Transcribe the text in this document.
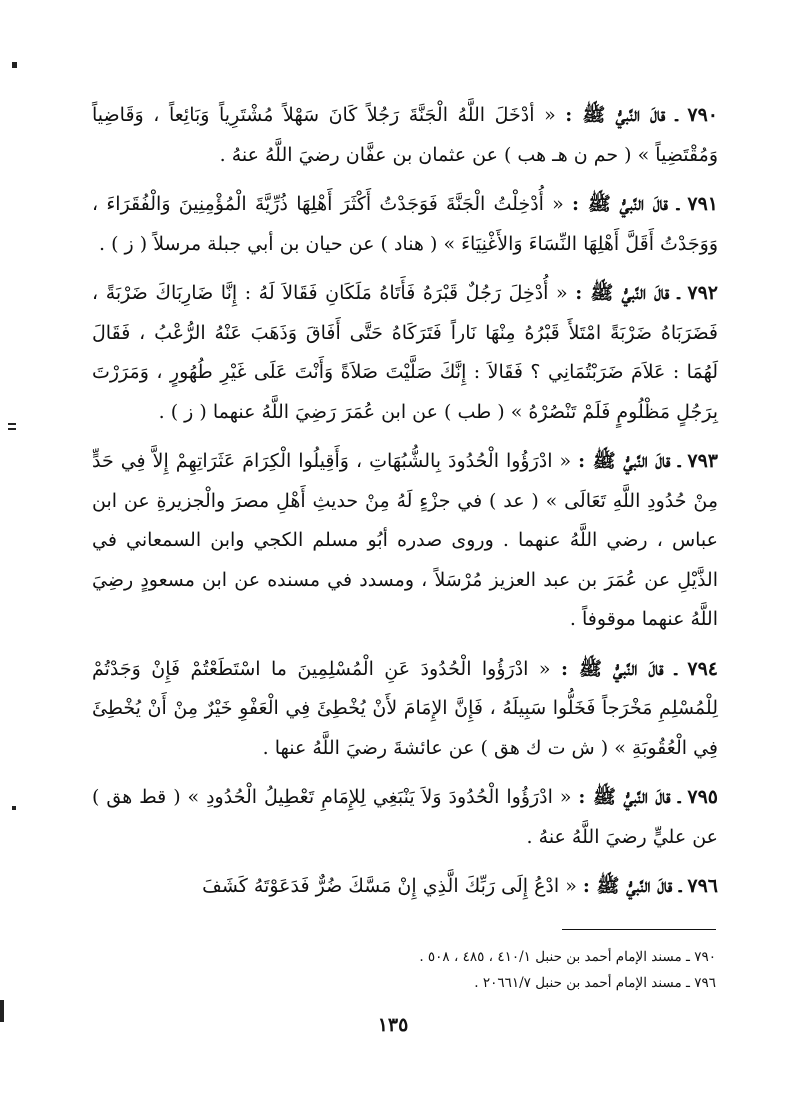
٧٩٠ ـ قالَ النَّبيُّ ﷺ : « أدْخَلَ اللَّهُ الْجَنَّةَ رَجُلاً كَانَ سَهْلاً مُشْتَرِياً وَبَائِعاً ، وَقَاضِياً وَمُقْتَضِياً » ( حم ن هـ هب ) عن عثمان بن عفَّان رضيَ اللَّهُ عنهُ .

٧٩١ ـ قالَ النَّبيُّ ﷺ : « أُدْخِلْتُ الْجَنَّةَ فَوَجَدْتُ أَكْثَرَ أَهْلِهَا ذُرِّيَّةَ الْمُؤْمِنِينَ وَالْفُقَرَاءَ ، وَوَجَدْتُ أَقَلَّ أَهْلِهَا النِّسَاءَ وَالأَغْنِيَاءَ » ( هناد ) عن حيان بن أبي جبلة مرسلاً ( ز ) .

٧٩٢ ـ قالَ النَّبيُّ ﷺ : « أُدْخِلَ رَجُلٌ قَبْرَهُ فَأَتَاهُ مَلَكَانِ فَقَالاَ لَهُ : إِنَّا ضَارِبَاكَ ضَرْبَةً ، فَضَرَبَاهُ ضَرْبَةً امْتَلأَ قَبْرُهُ مِنْهَا نَاراً فَتَرَكَاهُ حَتَّى أَفَاقَ وَذَهَبَ عَنْهُ الرُّعْبُ ، فَقَالَ لَهُمَا : عَلاَمَ ضَرَبْتُمَانِي ؟ فَقَالاَ : إِنَّكَ صَلَّيْتَ صَلاَةً وَأَنْتَ عَلَى غَيْرِ طُهُورٍ ، وَمَرَرْتَ بِرَجُلٍ مَظْلُومٍ فَلَمْ تَنْصُرْهُ » ( طب ) عن ابن عُمَرَ رَضِيَ اللَّهُ عنهما ( ز ) .

٧٩٣ ـ قالَ النَّبيُّ ﷺ : « ادْرَؤُوا الْحُدُودَ بِالشُّبُهَاتِ ، وَأَقِيلُوا الْكِرَامَ عَثَرَاتِهِمْ إِلاَّ فِي حَدٍّ مِنْ حُدُودِ اللَّهِ تَعَالَى » ( عد ) في جزْءٍ لَهُ مِنْ حديثِ أَهْلِ مصرَ والْجزيرةِ عن ابن عباس ، رضي اللَّهُ عنهما . وروى صدره أبُو مسلم الكجي وابن السمعاني في الذَّيْلِ عن عُمَرَ بن عبد العزيز مُرْسَلاً ، ومسدد في مسنده عن ابن مسعودٍ رضِيَ اللَّهُ عنهما موقوفاً .

٧٩٤ ـ قالَ النَّبيُّ ﷺ : « ادْرَؤُوا الْحُدُودَ عَنِ الْمُسْلِمِينَ ما اسْتَطَعْتُمْ فَإِنْ وَجَدْتُمْ لِلْمُسْلِمِ مَخْرَجاً فَخَلُّوا سَبِيلَهُ ، فَإِنَّ الإِمَامَ لأَنْ يُخْطِئَ فِي الْعَفْوِ خَيْرٌ مِنْ أَنْ يُخْطِئَ فِي الْعُقُوبَةِ » ( ش ت ك هق ) عن عائشةَ رضيَ اللَّهُ عنها .

٧٩٥ ـ قالَ النَّبيُّ ﷺ : « ادْرَؤُوا الْحُدُودَ وَلاَ يَنْبَغِي لِلإِمَامِ تَعْطِيلُ الْحُدُودِ » ( قط هق ) عن عليٍّ رضيَ اللَّهُ عنهُ .

٧٩٦ ـ قالَ النَّبيُّ ﷺ : « ادْعُ إِلَى رَبِّكَ الَّذِي إِنْ مَسَّكَ ضُرٌّ فَدَعَوْتَهُ كَشَفَ

٧٩٠ ـ مسند الإمام أحمد بن حنبل ٤١٠/١ ، ٤٨٥ ، ٥٠٨ .

٧٩٦ ـ مسند الإمام أحمد بن حنبل ٢٠٦٦١/٧ .

١٣٥
